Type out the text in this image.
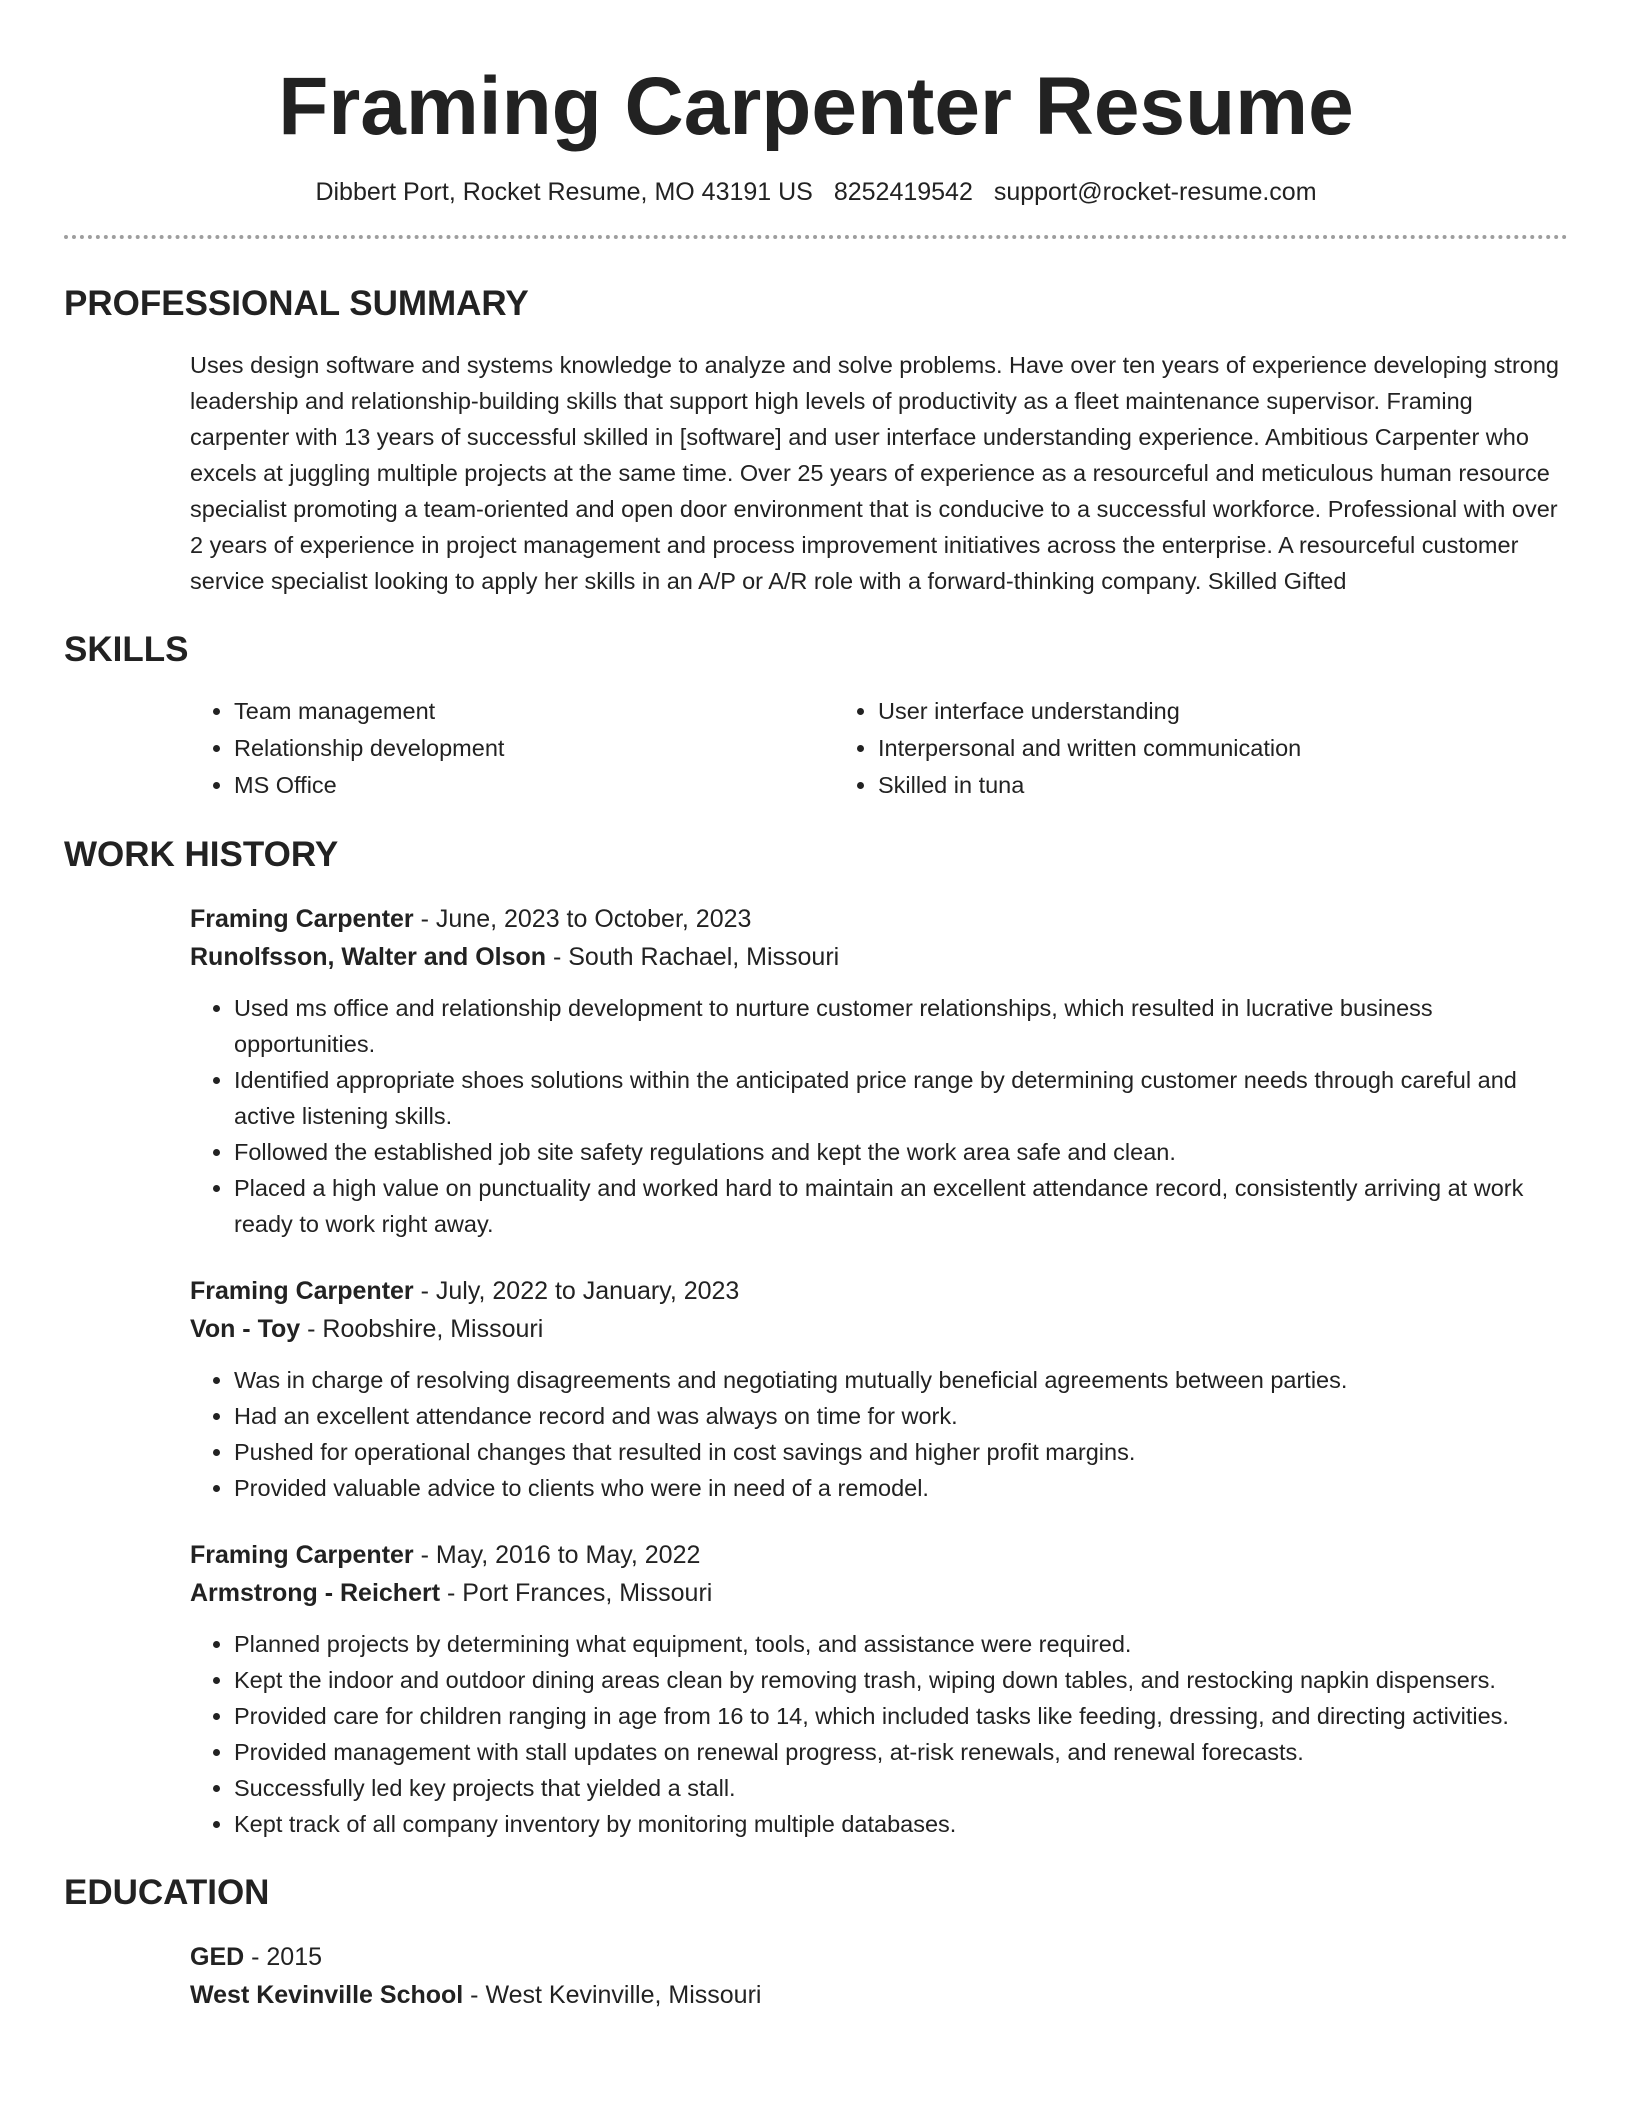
Framing Carpenter Resume
Dibbert Port, Rocket Resume, MO 43191 US 8252419542 support@rocket-resume.com
PROFESSIONAL SUMMARY
Uses design software and systems knowledge to analyze and solve problems. Have over ten years of experience developing strong leadership and relationship-building skills that support high levels of productivity as a fleet maintenance supervisor. Framing carpenter with 13 years of successful skilled in [software] and user interface understanding experience. Ambitious Carpenter who excels at juggling multiple projects at the same time. Over 25 years of experience as a resourceful and meticulous human resource specialist promoting a team-oriented and open door environment that is conducive to a successful workforce. Professional with over 2 years of experience in project management and process improvement initiatives across the enterprise. A resourceful customer service specialist looking to apply her skills in an A/P or A/R role with a forward-thinking company. Skilled Gifted
SKILLS
• Team management
• Relationship development
• MS Office
• User interface understanding
• Interpersonal and written communication
• Skilled in tuna
WORK HISTORY
Framing Carpenter - June, 2023 to October, 2023
Runolfsson, Walter and Olson - South Rachael, Missouri
• Used ms office and relationship development to nurture customer relationships, which resulted in lucrative business opportunities.
• Identified appropriate shoes solutions within the anticipated price range by determining customer needs through careful and active listening skills.
• Followed the established job site safety regulations and kept the work area safe and clean.
• Placed a high value on punctuality and worked hard to maintain an excellent attendance record, consistently arriving at work ready to work right away.
Framing Carpenter - July, 2022 to January, 2023
Von - Toy - Roobshire, Missouri
• Was in charge of resolving disagreements and negotiating mutually beneficial agreements between parties.
• Had an excellent attendance record and was always on time for work.
• Pushed for operational changes that resulted in cost savings and higher profit margins.
• Provided valuable advice to clients who were in need of a remodel.
Framing Carpenter - May, 2016 to May, 2022
Armstrong - Reichert - Port Frances, Missouri
• Planned projects by determining what equipment, tools, and assistance were required.
• Kept the indoor and outdoor dining areas clean by removing trash, wiping down tables, and restocking napkin dispensers.
• Provided care for children ranging in age from 16 to 14, which included tasks like feeding, dressing, and directing activities.
• Provided management with stall updates on renewal progress, at-risk renewals, and renewal forecasts.
• Successfully led key projects that yielded a stall.
• Kept track of all company inventory by monitoring multiple databases.
EDUCATION
GED - 2015
West Kevinville School - West Kevinville, Missouri
